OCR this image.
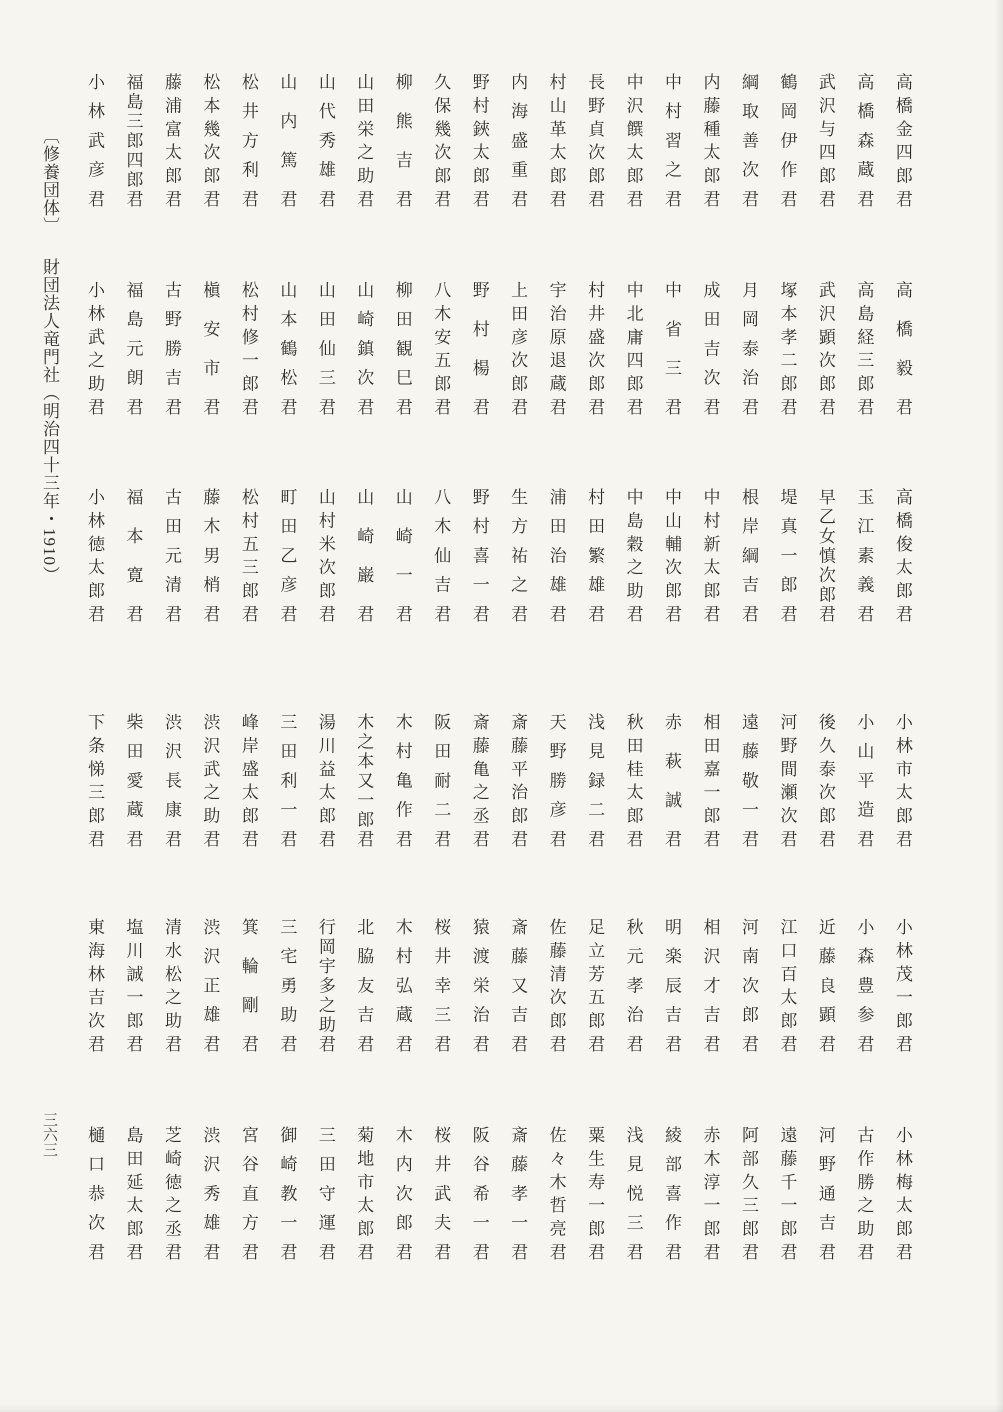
〔修養団体〕
財団法人竜門社（明治四十三年・1910）
高橋金四郎君
高橋森蔵君
武沢与四郎君
鶴岡伊作君
綱取善次君
内藤種太郎君
中村習之君
中沢饌太郎君
長野貞次郎君
村山革太郎君
内海盛重君
野村鋏太郎君
久保幾次郎君
柳熊吉君
山田栄之助君
山代秀雄君
山内篤君
松井方利君
松本幾次郎君
藤浦富太郎君
福島三郎四郎君
小林武彦君
高橋毅君
高島経三郎君
武沢顕次郎君
塚本孝二郎君
月岡泰治君
成田吉次君
中省三君
中北庸四郎君
村井盛次郎君
宇治原退蔵君
上田彦次郎君
野村楊君
八木安五郎君
柳田観巳君
山崎鎮次君
山田仙三君
山本鶴松君
松村修一郎君
槇安市君
古野勝吉君
福島元朗君
小林武之助君
高橋俊太郎君
玉江素義君
早乙女慎次郎君
堤真一郎君
根岸綱吉君
中村新太郎君
中山輔次郎君
中島穀之助君
村田繁雄君
浦田治雄君
生方祐之君
野村喜一君
八木仙吉君
山崎一君
山崎巌君
山村米次郎君
町田乙彦君
松村五三郎君
藤木男梢君
古田元清君
福本寛君
小林徳太郎君
小林市太郎君
小山平造君
後久泰次郎君
河野間瀬次君
遠藤敬一君
相田嘉一郎君
赤萩誠君
秋田桂太郎君
浅見録二君
天野勝彦君
斎藤平治郎君
斎藤亀之丞君
阪田耐二君
木村亀作君
木之本又一郎君
湯川益太郎君
三田利一君
峰岸盛太郎君
渋沢武之助君
渋沢長康君
柴田愛蔵君
下条悌三郎君
小林茂一郎君
小森豊参君
近藤良顕君
江口百太郎君
河南次郎君
相沢才吉君
明楽辰吉君
秋元孝治君
足立芳五郎君
佐藤清次郎君
斎藤又吉君
猿渡栄治君
桜井幸三君
木村弘蔵君
北脇友吉君
行岡宇多之助君
三宅勇助君
箕輪剛君
渋沢正雄君
清水松之助君
塩川誠一郎君
東海林吉次君
小林梅太郎君
古作勝之助君
河野通吉君
遠藤千一郎君
阿部久三郎君
赤木淳一郎君
綾部喜作君
浅見悦三君
粟生寿一郎君
佐々木哲亮君
斎藤孝一君
阪谷希一君
桜井武夫君
木内次郎君
菊地市太郎君
三田守運君
御崎教一君
宮谷直方君
渋沢秀雄君
芝崎徳之丞君
島田延太郎君
樋口恭次君
三六三
